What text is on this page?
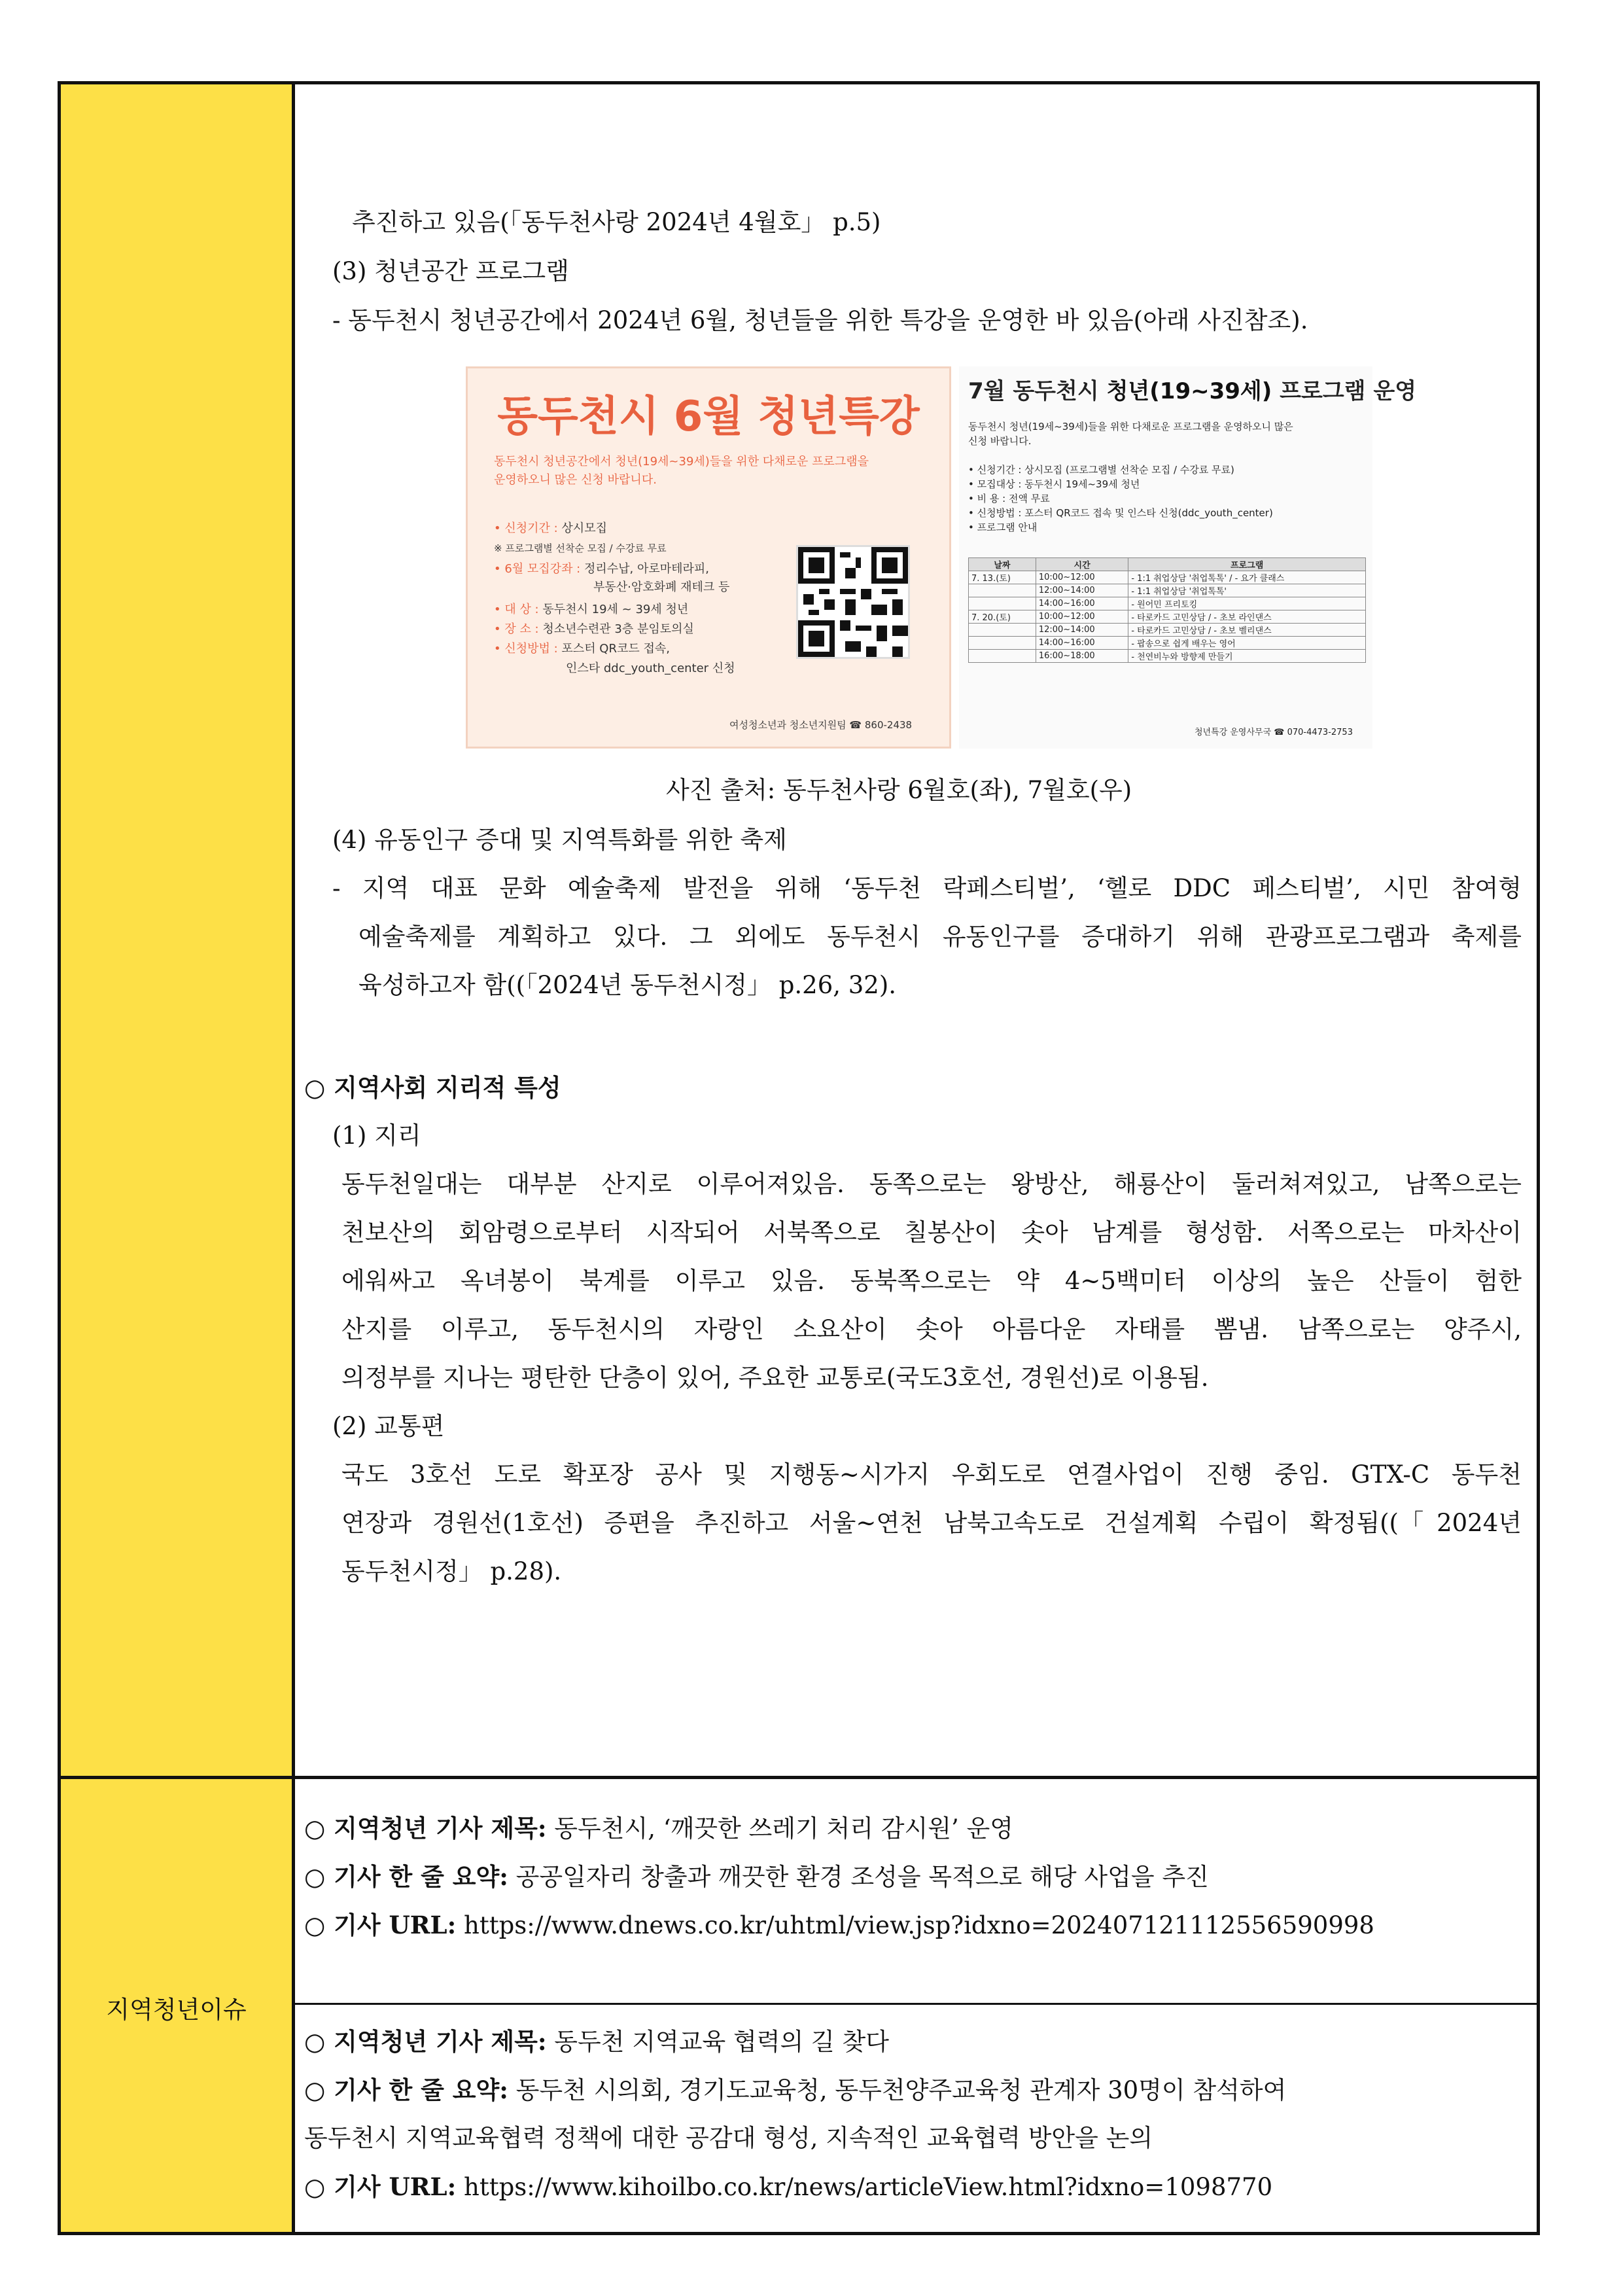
지역청년이슈
추진하고 있음(「동두천사랑 2024년 4월호」 p.5)
(3) 청년공간 프로그램
- 동두천시 청년공간에서 2024년 6월, 청년들을 위한 특강을 운영한 바 있음(아래 사진참조).
동두천시 6월 청년특강
동두천시 청년공간에서 청년(19세~39세)들을 위한 다채로운 프로그램을
운영하오니 많은 신청 바랍니다.
• 신청기간 : 상시모집
※ 프로그램별 선착순 모집 / 수강료 무료
• 6월 모집강좌 : 정리수납, 아로마테라피,
부동산·암호화폐 재테크 등
• 대 상 : 동두천시 19세 ~ 39세 청년
• 장 소 : 청소년수련관 3층 분임토의실
• 신청방법 : 포스터 QR코드 접속,
인스타 ddc_youth_center 신청
여성청소년과 청소년지원팀 ☎ 860-2438
7월 동두천시 청년(19~39세) 프로그램 운영
동두천시 청년(19세~39세)들을 위한 다채로운 프로그램을 운영하오니 많은
신청 바랍니다.
• 신청기간 : 상시모집 (프로그램별 선착순 모집 / 수강료 무료)
• 모집대상 : 동두천시 19세~39세 청년
• 비 용 : 전액 무료
• 신청방법 : 포스터 QR코드 접속 및 인스타 신청(ddc_youth_center)
• 프로그램 안내
날짜	시간	프로그램
7. 13.(토)	10:00~12:00	- 1:1 취업상담 '취업톡톡' / - 요가 클래스
	12:00~14:00	- 1:1 취업상담 '취업톡톡'
	14:00~16:00	- 원어민 프리토킹
7. 20.(토)	10:00~12:00	- 타로카드 고민상담 / - 초보 라인댄스
	12:00~14:00	- 타로카드 고민상담 / - 초보 벨리댄스
	14:00~16:00	- 팝송으로 쉽게 배우는 영어
	16:00~18:00	- 천연비누와 방향제 만들기
청년특강 운영사무국 ☎ 070-4473-2753
사진 출처: 동두천사랑 6월호(좌), 7월호(우)
(4) 유동인구 증대 및 지역특화를 위한 축제
- 지역 대표 문화 예술축제 발전을 위해 ‘동두천 락페스티벌’, ‘헬로 DDC 페스티벌’, 시민 참여형
예술축제를 계획하고 있다. 그 외에도 동두천시 유동인구를 증대하기 위해 관광프로그램과 축제를
육성하고자 함((「2024년 동두천시정」 p.26, 32).
○ 지역사회 지리적 특성
(1) 지리
동두천일대는 대부분 산지로 이루어져있음. 동쪽으로는 왕방산, 해룡산이 둘러쳐져있고, 남쪽으로는
천보산의 회암령으로부터 시작되어 서북쪽으로 칠봉산이 솟아 남계를 형성함. 서쪽으로는 마차산이
에워싸고 옥녀봉이 북계를 이루고 있음. 동북쪽으로는 약 4~5백미터 이상의 높은 산들이 험한
산지를 이루고, 동두천시의 자랑인 소요산이 솟아 아름다운 자태를 뽐냄. 남쪽으로는 양주시,
의정부를 지나는 평탄한 단층이 있어, 주요한 교통로(국도3호선, 경원선)로 이용됨.
(2) 교통편
국도 3호선 도로 확포장 공사 및 지행동~시가지 우회도로 연결사업이 진행 중임. GTX-C 동두천
연장과 경원선(1호선) 증편을 추진하고 서울~연천 남북고속도로 건설계획 수립이 확정됨((「2024년
동두천시정」 p.28).
○ 지역청년 기사 제목: 동두천시, ‘깨끗한 쓰레기 처리 감시원’ 운영
○ 기사 한 줄 요약: 공공일자리 창출과 깨끗한 환경 조성을 목적으로 해당 사업을 추진
○ 기사 URL: https://www.dnews.co.kr/uhtml/view.jsp?idxno=202407121112556590998
○ 지역청년 기사 제목: 동두천 지역교육 협력의 길 찾다
○ 기사 한 줄 요약: 동두천 시의회, 경기도교육청, 동두천양주교육청 관계자 30명이 참석하여
동두천시 지역교육협력 정책에 대한 공감대 형성, 지속적인 교육협력 방안을 논의
○ 기사 URL: https://www.kihoilbo.co.kr/news/articleView.html?idxno=1098770
